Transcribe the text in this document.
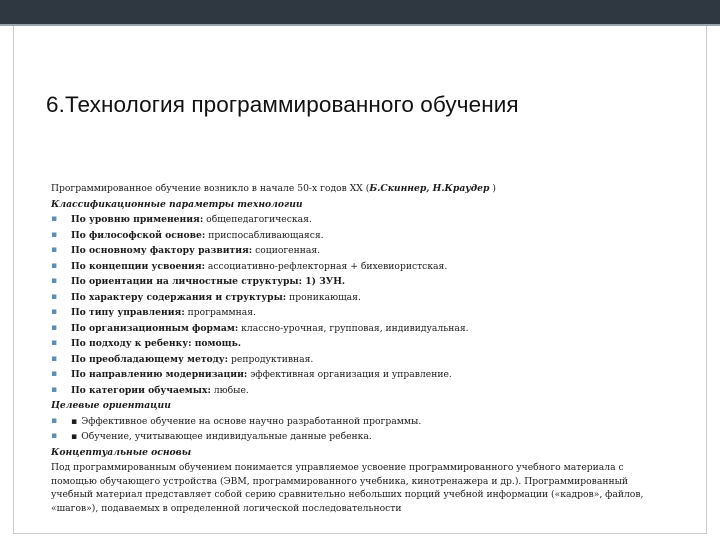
6.Технология программированного обучения
Программированное обучение возникло в начале 50-х годов ХХ (Б.Скиннер, Н.Краудер )
Классификационные параметры технологии
▪ По уровню применения: общепедагогическая.
▪ По философской основе: приспосабливающаяся.
▪ По основному фактору развития: социогенная.
▪ По концепции усвоения: ассоциативно-рефлекторная + бихевиористская.
▪ По ориентации на личностные структуры: 1) ЗУН.
▪ По характеру содержания и структуры: проникающая.
▪ По типу управления: программная.
▪ По организационным формам: классно-урочная, групповая, индивидуальная.
▪ По подходу к ребенку: помощь.
▪ По преобладающему методу: репродуктивная.
▪ По направлению модернизации: эффективная организация и управление.
▪ По категории обучаемых: любые.
Целевые ориентации
▪ ▪ Эффективное обучение на основе научно разработанной программы.
▪ ▪ Обучение, учитывающее индивидуальные данные ребенка.
Концептуальные основы
Под программированным обучением понимается управляемое усвоение программированного учебного материала с помощью обучающего устройства (ЭВМ, программированного учебника, кинотренажера и др.). Программированный учебный материал представляет собой серию сравнительно небольших порций учебной информации («кадров», файлов, «шагов»), подаваемых в определенной логической последовательности
